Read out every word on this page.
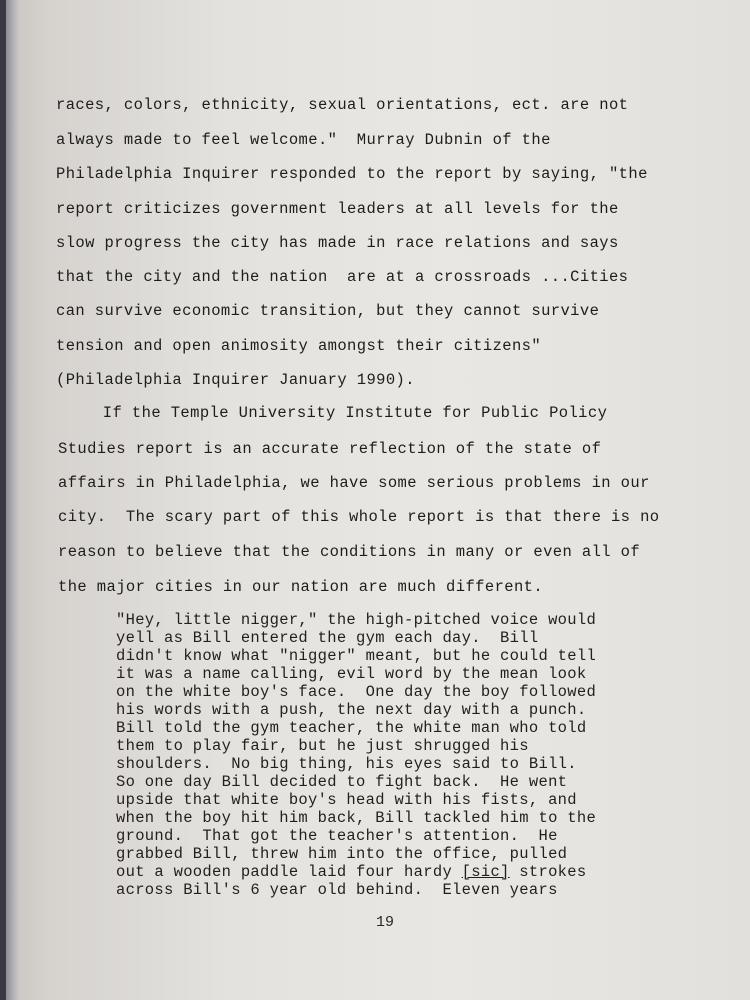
races, colors, ethnicity, sexual orientations, ect. are not
always made to feel welcome."  Murray Dubnin of the
Philadelphia Inquirer responded to the report by saying, "the
report criticizes government leaders at all levels for the
slow progress the city has made in race relations and says
that the city and the nation  are at a crossroads ...Cities
can survive economic transition, but they cannot survive
tension and open animosity amongst their citizens"
(Philadelphia Inquirer January 1990).
If the Temple University Institute for Public Policy
Studies report is an accurate reflection of the state of
affairs in Philadelphia, we have some serious problems in our
city.  The scary part of this whole report is that there is no
reason to believe that the conditions in many or even all of
the major cities in our nation are much different.
"Hey, little nigger," the high-pitched voice would
yell as Bill entered the gym each day.  Bill
didn't know what "nigger" meant, but he could tell
it was a name calling, evil word by the mean look
on the white boy's face.  One day the boy followed
his words with a push, the next day with a punch.
Bill told the gym teacher, the white man who told
them to play fair, but he just shrugged his
shoulders.  No big thing, his eyes said to Bill.
So one day Bill decided to fight back.  He went
upside that white boy's head with his fists, and
when the boy hit him back, Bill tackled him to the
ground.  That got the teacher's attention.  He
grabbed Bill, threw him into the office, pulled
out a wooden paddle laid four hardy [sic] strokes
across Bill's 6 year old behind.  Eleven years
19
